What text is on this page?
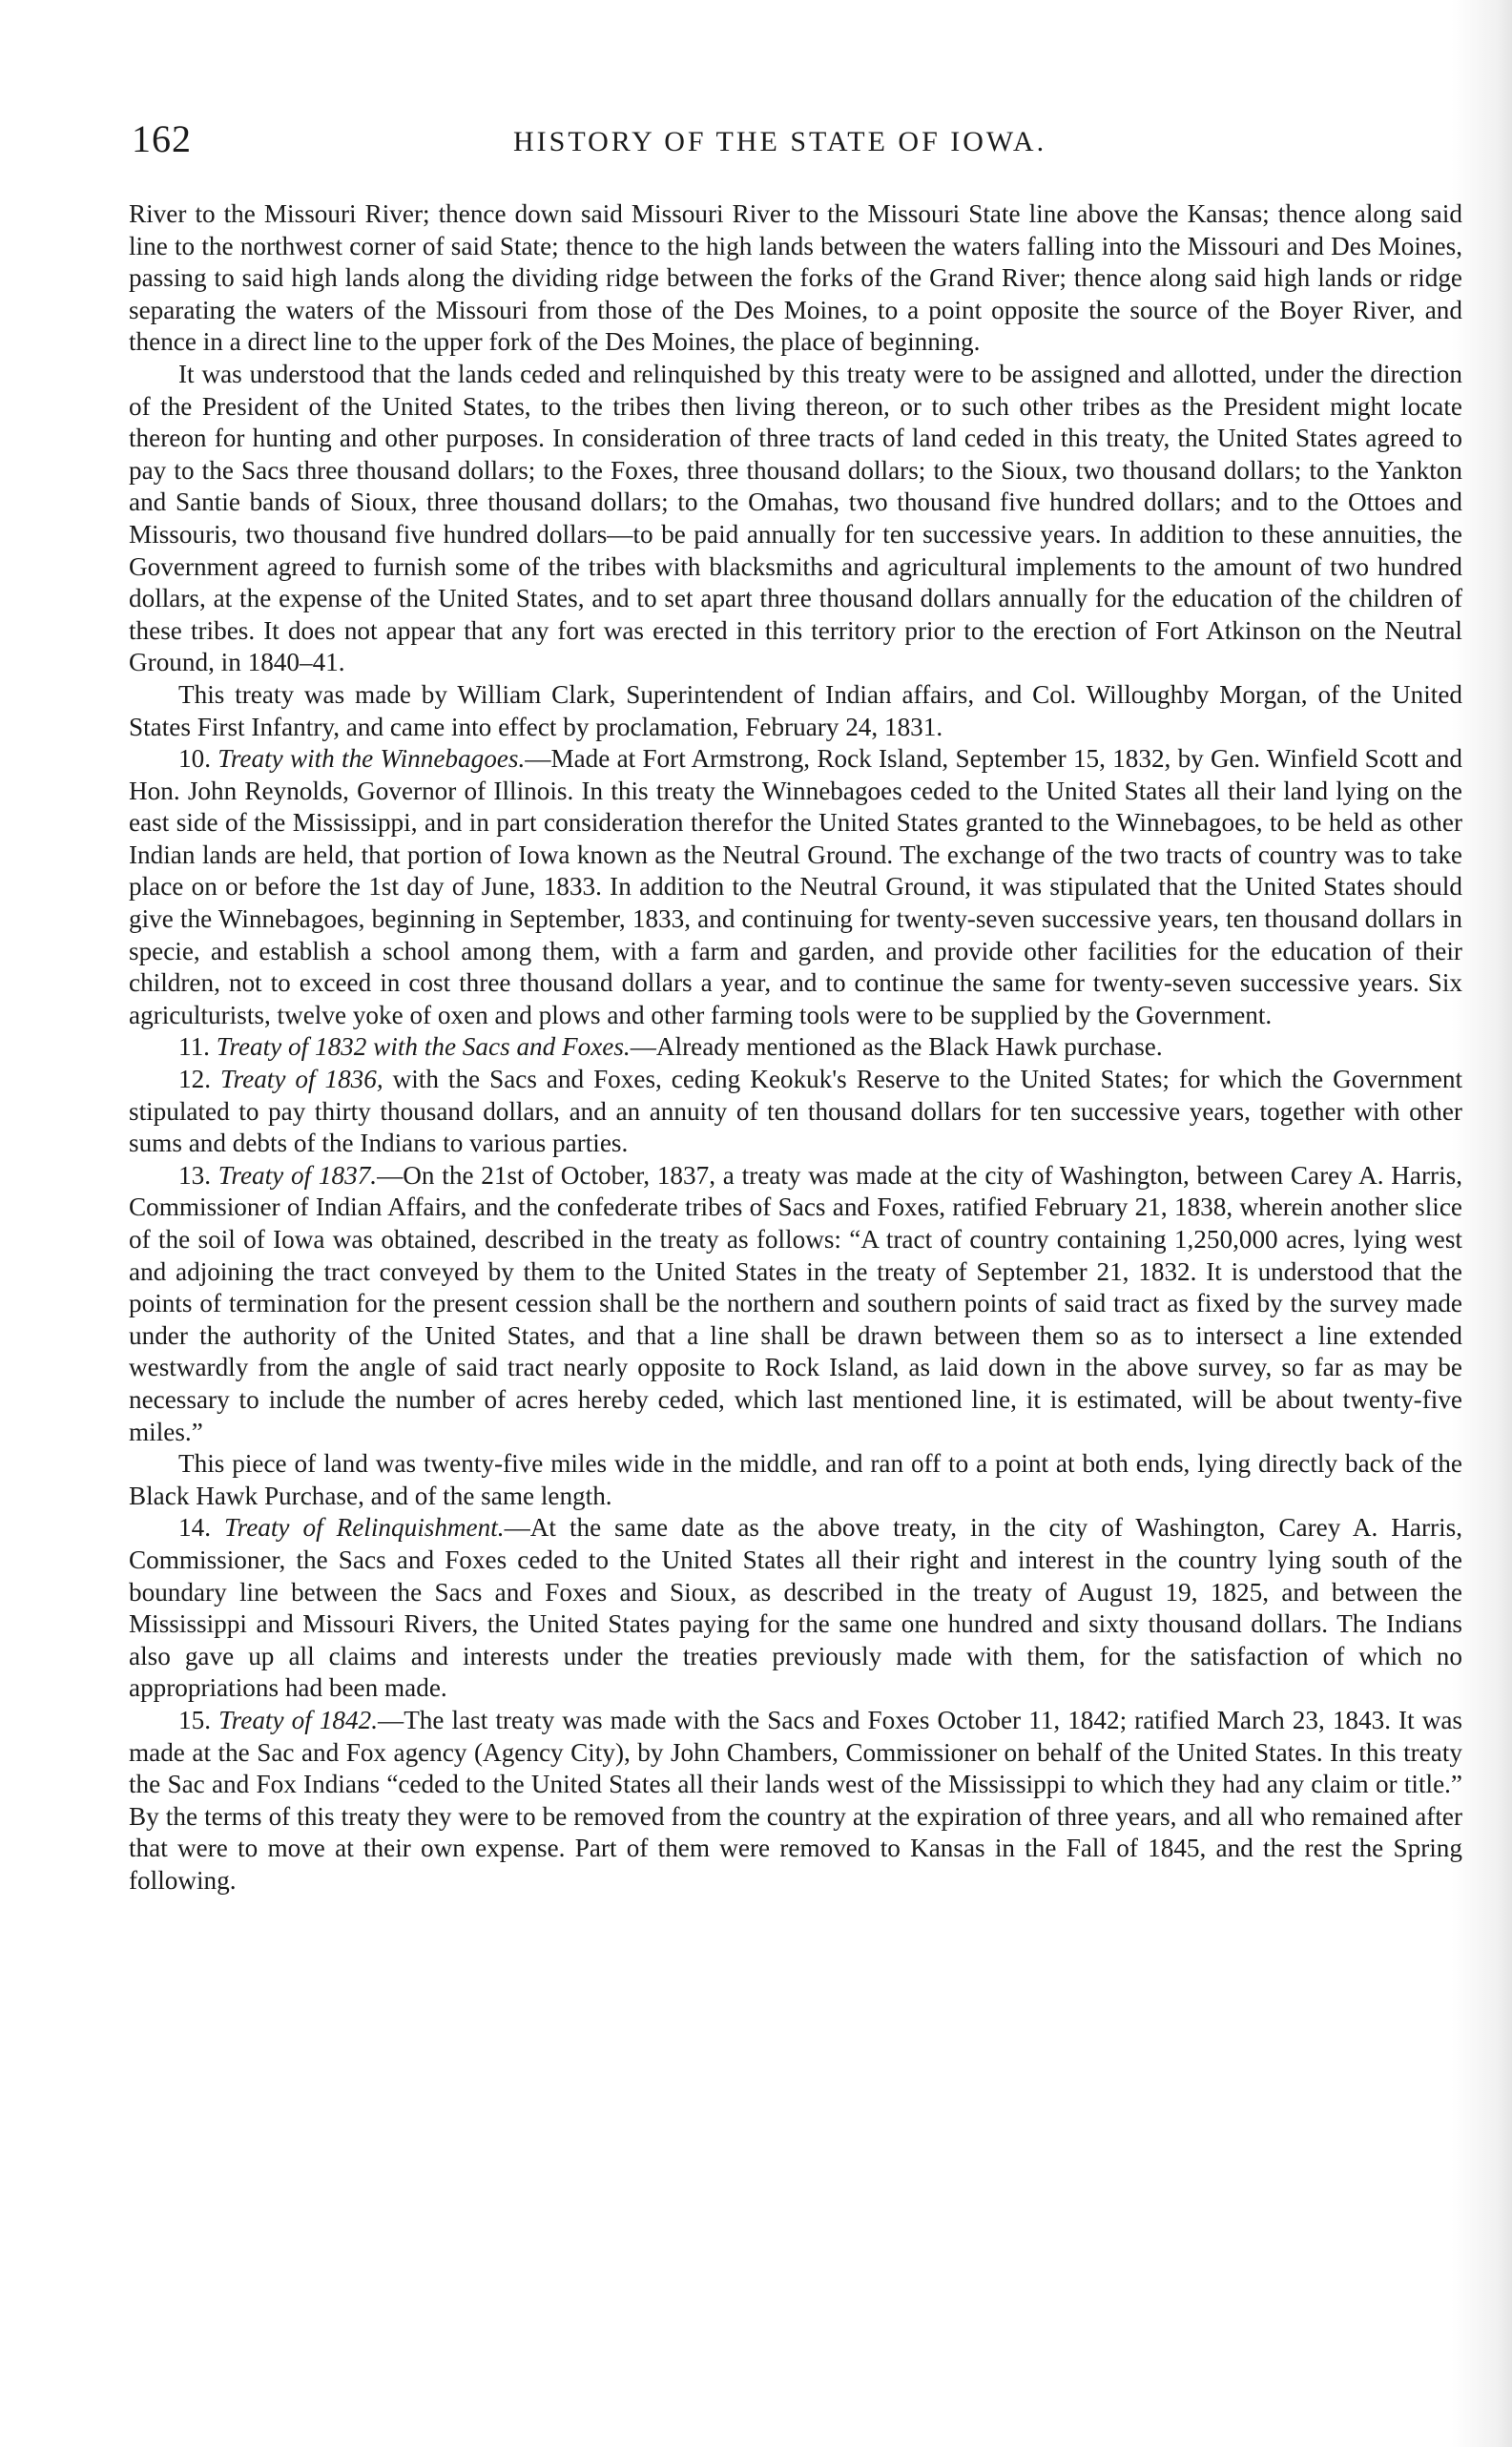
162	HISTORY OF THE STATE OF IOWA.

River to the Missouri River; thence down said Missouri River to the Missouri State line above the Kansas; thence along said line to the northwest corner of said State; thence to the high lands between the waters falling into the Missouri and Des Moines, passing to said high lands along the dividing ridge between the forks of the Grand River; thence along said high lands or ridge separating the waters of the Missouri from those of the Des Moines, to a point opposite the source of the Boyer River, and thence in a direct line to the upper fork of the Des Moines, the place of beginning.

It was understood that the lands ceded and relinquished by this treaty were to be assigned and allotted, under the direction of the President of the United States, to the tribes then living thereon, or to such other tribes as the President might locate thereon for hunting and other purposes. In consideration of three tracts of land ceded in this treaty, the United States agreed to pay to the Sacs three thousand dollars; to the Foxes, three thousand dollars; to the Sioux, two thousand dollars; to the Yankton and Santie bands of Sioux, three thousand dollars; to the Omahas, two thousand five hundred dollars; and to the Ottoes and Missouris, two thousand five hundred dollars—to be paid annually for ten successive years. In addition to these annuities, the Government agreed to furnish some of the tribes with blacksmiths and agricultural implements to the amount of two hundred dollars, at the expense of the United States, and to set apart three thousand dollars annually for the education of the children of these tribes. It does not appear that any fort was erected in this territory prior to the erection of Fort Atkinson on the Neutral Ground, in 1840–41.

This treaty was made by William Clark, Superintendent of Indian affairs, and Col. Willoughby Morgan, of the United States First Infantry, and came into effect by proclamation, February 24, 1831.

10. Treaty with the Winnebagoes.—Made at Fort Armstrong, Rock Island, September 15, 1832, by Gen. Winfield Scott and Hon. John Reynolds, Governor of Illinois. In this treaty the Winnebagoes ceded to the United States all their land lying on the east side of the Mississippi, and in part consideration therefor the United States granted to the Winnebagoes, to be held as other Indian lands are held, that portion of Iowa known as the Neutral Ground. The exchange of the two tracts of country was to take place on or before the 1st day of June, 1833. In addition to the Neutral Ground, it was stipulated that the United States should give the Winnebagoes, beginning in September, 1833, and continuing for twenty-seven successive years, ten thousand dollars in specie, and establish a school among them, with a farm and garden, and provide other facilities for the education of their children, not to exceed in cost three thousand dollars a year, and to continue the same for twenty-seven successive years. Six agriculturists, twelve yoke of oxen and plows and other farming tools were to be supplied by the Government.

11. Treaty of 1832 with the Sacs and Foxes.—Already mentioned as the Black Hawk purchase.

12. Treaty of 1836, with the Sacs and Foxes, ceding Keokuk's Reserve to the United States; for which the Government stipulated to pay thirty thousand dollars, and an annuity of ten thousand dollars for ten successive years, together with other sums and debts of the Indians to various parties.

13. Treaty of 1837.—On the 21st of October, 1837, a treaty was made at the city of Washington, between Carey A. Harris, Commissioner of Indian Affairs, and the confederate tribes of Sacs and Foxes, ratified February 21, 1838, wherein another slice of the soil of Iowa was obtained, described in the treaty as follows: “A tract of country containing 1,250,000 acres, lying west and adjoining the tract conveyed by them to the United States in the treaty of September 21, 1832. It is understood that the points of termination for the present cession shall be the northern and southern points of said tract as fixed by the survey made under the authority of the United States, and that a line shall be drawn between them so as to intersect a line extended westwardly from the angle of said tract nearly opposite to Rock Island, as laid down in the above survey, so far as may be necessary to include the number of acres hereby ceded, which last mentioned line, it is estimated, will be about twenty-five miles.”

This piece of land was twenty-five miles wide in the middle, and ran off to a point at both ends, lying directly back of the Black Hawk Purchase, and of the same length.

14. Treaty of Relinquishment.—At the same date as the above treaty, in the city of Washington, Carey A. Harris, Commissioner, the Sacs and Foxes ceded to the United States all their right and interest in the country lying south of the boundary line between the Sacs and Foxes and Sioux, as described in the treaty of August 19, 1825, and between the Mississippi and Missouri Rivers, the United States paying for the same one hundred and sixty thousand dollars. The Indians also gave up all claims and interests under the treaties previously made with them, for the satisfaction of which no appropriations had been made.

15. Treaty of 1842.—The last treaty was made with the Sacs and Foxes October 11, 1842; ratified March 23, 1843. It was made at the Sac and Fox agency (Agency City), by John Chambers, Commissioner on behalf of the United States. In this treaty the Sac and Fox Indians “ceded to the United States all their lands west of the Mississippi to which they had any claim or title.” By the terms of this treaty they were to be removed from the country at the expiration of three years, and all who remained after that were to move at their own expense. Part of them were removed to Kansas in the Fall of 1845, and the rest the Spring following.
